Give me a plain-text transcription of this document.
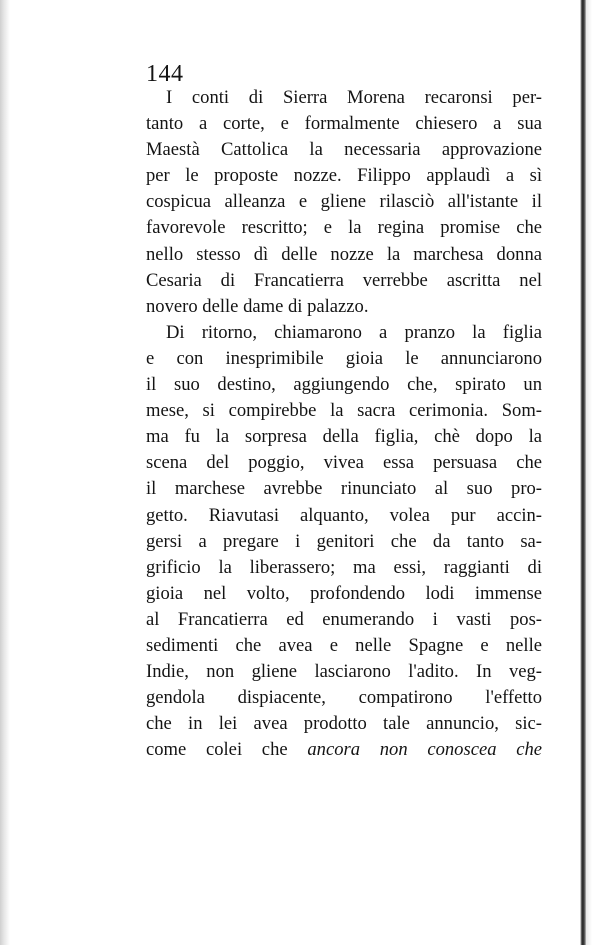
144
I conti di Sierra Morena recaronsi per-
tanto a corte, e formalmente chiesero a sua
Maestà Cattolica la necessaria approvazione
per le proposte nozze. Filippo applaudì a sì
cospicua alleanza e gliene rilasciò all'istante il
favorevole rescritto; e la regina promise che
nello stesso dì delle nozze la marchesa donna
Cesaria di Francatierra verrebbe ascritta nel
novero delle dame di palazzo.
Di ritorno, chiamarono a pranzo la figlia
e con inesprimibile gioia le annunciarono
il suo destino, aggiungendo che, spirato un
mese, si compirebbe la sacra cerimonia. Som-
ma fu la sorpresa della figlia, chè dopo la
scena del poggio, vivea essa persuasa che
il marchese avrebbe rinunciato al suo pro-
getto. Riavutasi alquanto, volea pur accin-
gersi a pregare i genitori che da tanto sa-
grificio la liberassero; ma essi, raggianti di
gioia nel volto, profondendo lodi immense
al Francatierra ed enumerando i vasti pos-
sedimenti che avea e nelle Spagne e nelle
Indie, non gliene lasciarono l'adito. In veg-
gendola dispiacente, compatirono l'effetto
che in lei avea prodotto tale annuncio, sic-
come colei che ancora non conoscea che
